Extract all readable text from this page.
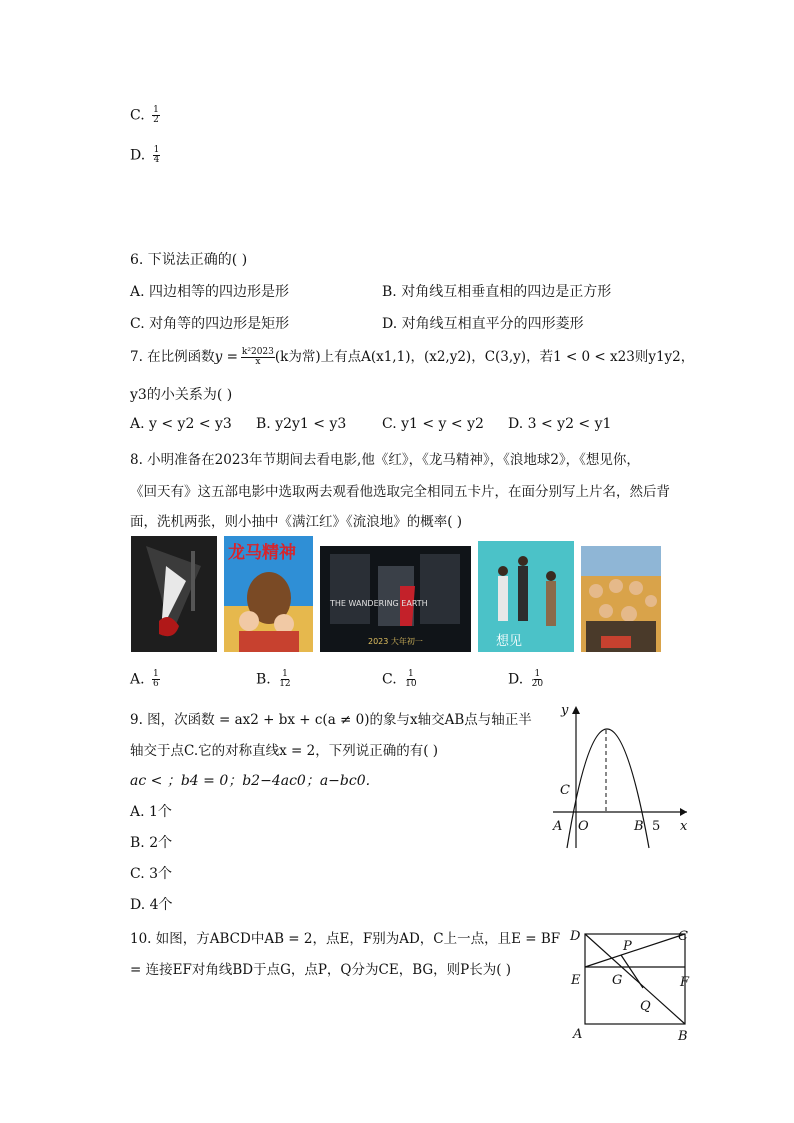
C. $\frac{1}{2}$
D. $\frac{1}{4}$
6. 下说法正确的( )
A. 四边相等的四边形是形	B. 对角线互相垂直相的四边是正方形
C. 对角等的四边形是矩形	D. 对角线互相直平分的四形菱形
7. 在比例函数$y = \frac{\text{k²2023}}{x} (k$为常)上有点A(x1,1)，(x2,y2)，C(3,y)，若1 < 0 < x23则y1y2，
y3的小关系为( )
A. y < y2 < y3 B. y2y1 < y3	C. y1 < y < y2 D. 3 < y2 < y1
8. 小明准备在2023年节期间去看电影,他《红》，《龙马精神》，《浪地球2》，《想见你，
《回天有》这五部电影中选取两去观看他选取完全相同五卡片，在面分别写上片名，然后背
面，洗机两张，则小抽中《满江红》《流浪地》的概率( )
龙马精神
THE WANDERING EARTH
2023 大年初一	想见
A. $\frac{1}{6}$	B. $\frac{1}{12}$	C. $\frac{1}{10}$	D. $\frac{1}{20}$
9. 图，次函数 = ax2 + bx + c(a ≠ 0)的象与x轴交AB点与轴正半
轴交于点C.它的对称直线x = 2，下列说正确的有( )
ac < ；b4 = 0；b2−4ac0；a−bc0.
A. 1个
B. 2个
C. 3个
D. 4个
y
C
A O	B 5 x
10. 如图，方ABCD中AB = 2，点E，F别为AD，C上一点，且E = BF
= 连接EF对角线BD于点G，点P，Q分为CE，BG，则P长为( )
D	C
P
E G	F
Q
A	B
